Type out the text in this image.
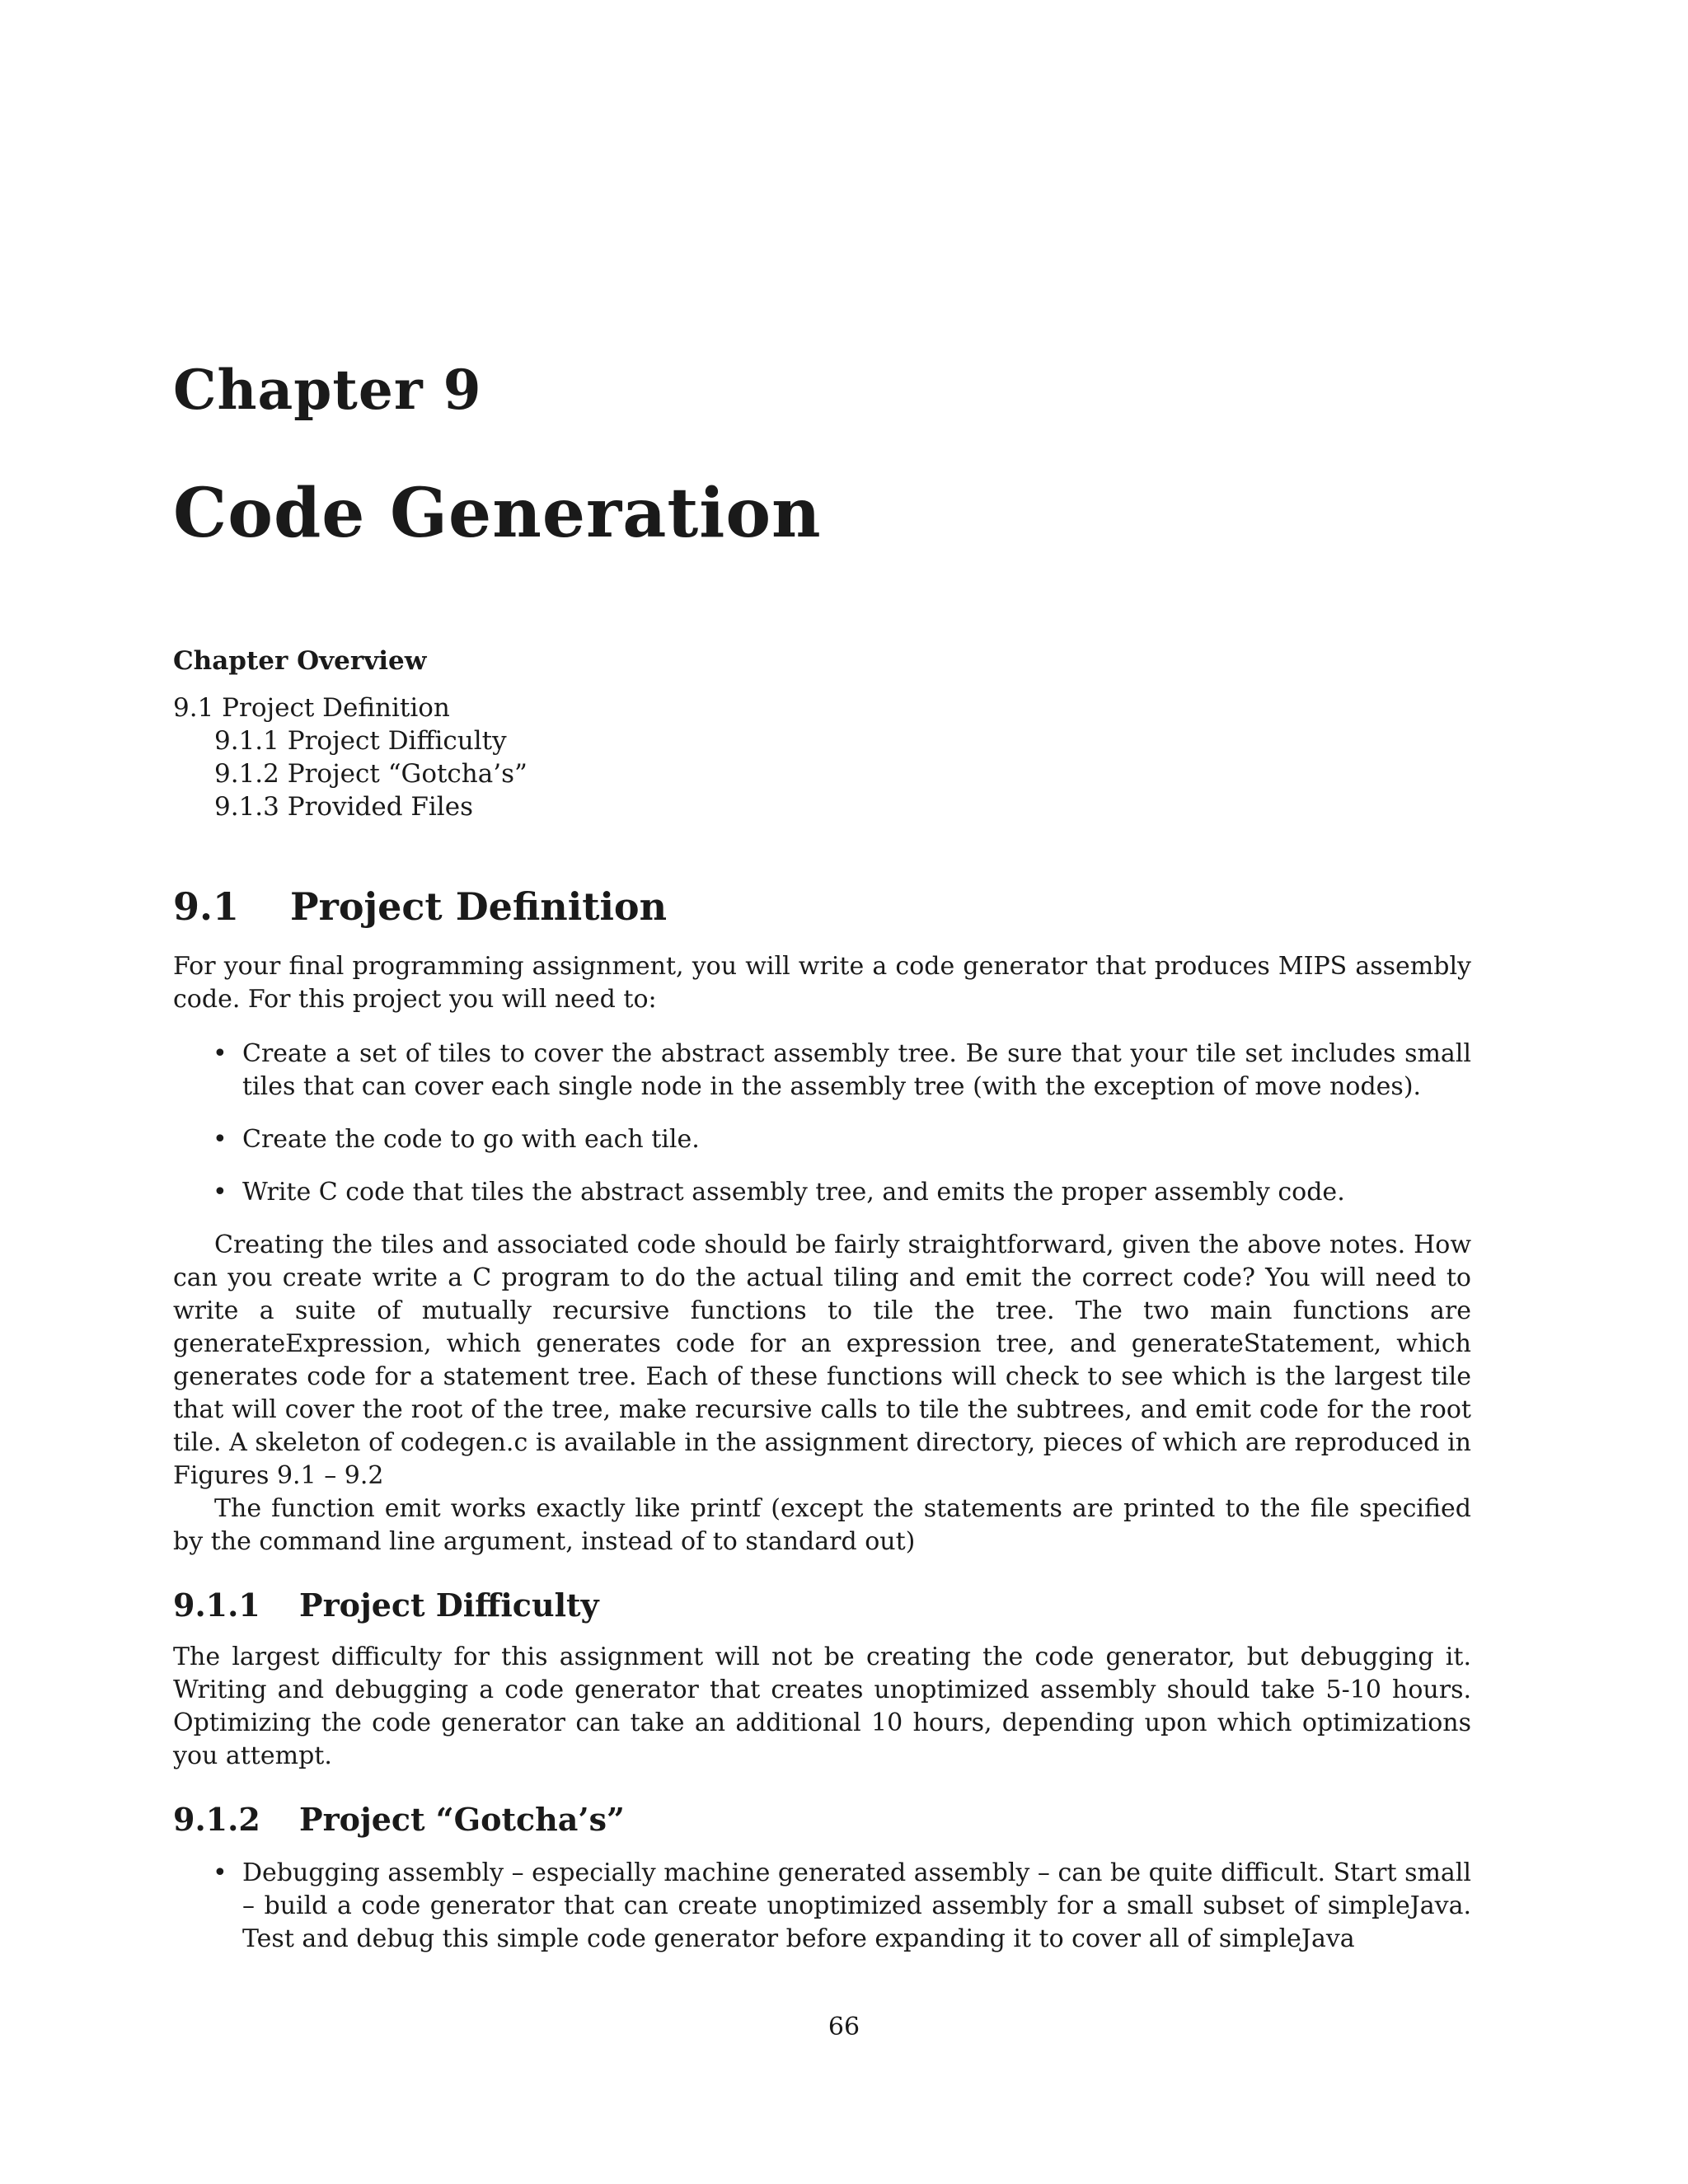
Chapter 9
Code Generation
Chapter Overview
9.1 Project Definition
9.1.1 Project Difficulty
9.1.2 Project “Gotcha’s”
9.1.3 Provided Files
9.1	Project Definition

For your final programming assignment, you will write a code generator that produces MIPS assembly code. For this project you will need to:

• Create a set of tiles to cover the abstract assembly tree. Be sure that your tile set includes small tiles that can cover each single node in the assembly tree (with the exception of move nodes).
• Create the code to go with each tile.
• Write C code that tiles the abstract assembly tree, and emits the proper assembly code.

Creating the tiles and associated code should be fairly straightforward, given the above notes. How can you create write a C program to do the actual tiling and emit the correct code? You will need to write a suite of mutually recursive functions to tile the tree. The two main functions are generateExpression, which generates code for an expression tree, and generateStatement, which generates code for a statement tree. Each of these functions will check to see which is the largest tile that will cover the root of the tree, make recursive calls to tile the subtrees, and emit code for the root tile. A skeleton of codegen.c is available in the assignment directory, pieces of which are reproduced in Figures 9.1 – 9.2

The function emit works exactly like printf (except the statements are printed to the file specified by the command line argument, instead of to standard out)

9.1.1	Project Difficulty

The largest difficulty for this assignment will not be creating the code generator, but debugging it. Writing and debugging a code generator that creates unoptimized assembly should take 5-10 hours. Optimizing the code generator can take an additional 10 hours, depending upon which optimizations you attempt.

9.1.2	Project “Gotcha’s”
• Debugging assembly – especially machine generated assembly – can be quite difficult. Start small – build a code generator that can create unoptimized assembly for a small subset of simpleJava. Test and debug this simple code generator before expanding it to cover all of simpleJava
66
